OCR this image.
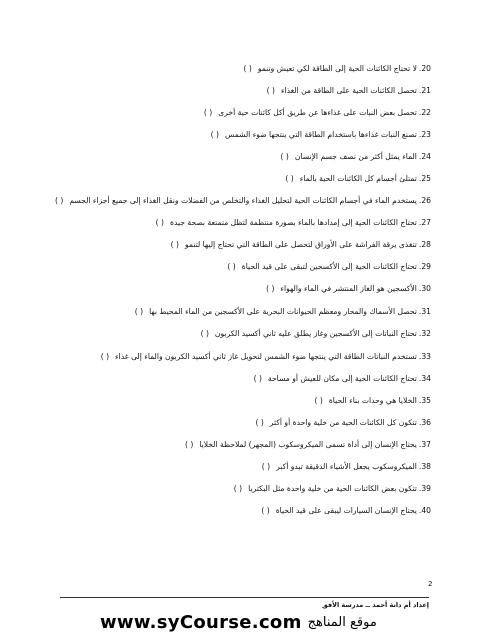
20.
لا تحتاج الكائنات الحية إلى الطاقة لكي تعيش وتنمو
( )
21.
تحصل الكائنات الحية على الطاقة من الغذاء
( )
22.
تحصل بعض النبات على غذاءها عن طريق أكل كائنات حية أخرى
( )
23.
تصنع النبات غذاءها باستخدام الطاقة التي ينتجها ضوء الشمس
( )
24.
الماء يمثل أكثر من نصف جسم الإنسان
( )
25.
تمتلئ أجسام كل الكائنات الحية بالماء
( )
26.
يستخدم الماء في أجسام الكائنات الحية لتحليل الغذاء والتخلص من الفضلات ونقل الغذاء إلى جميع أجزاء الجسم
( )
27.
تحتاج الكائنات الحية إلى إمدادها بالماء بصورة منتظمة لتظل متمتعة بصحة جيدة
( )
28.
تتغذى يرقة الفراشة على الأوراق لتحصل على الطاقة التي تحتاج إليها لتنمو
( )
29.
تحتاج الكائنات الحية إلى الأكسجين لتبقى على قيد الحياة
( )
30.
الأكسجين هو الغاز المنتشر في الماء والهواء
( )
31.
تحصل الأسماك والمحار ومعظم الحيوانات البحرية على الأكسجين من الماء المحيط بها
( )
32.
تحتاج النباتات إلى الأكسجين وغاز يطلق عليه ثاني أكسيد الكربون
( )
33.
تستخدم النباتات الطاقة التي ينتجها ضوء الشمس لتحويل غاز ثاني أكسيد الكربون والماء إلى غذاء
( )
34.
تحتاج الكائنات الحية إلى مكان للعيش أو مساحة
( )
35.
الخلايا هي وحدات بناء الحياة
( )
36.
تتكون كل الكائنات الحية من خلية واحدة أو أكثر
( )
37.
يحتاج الإنسان إلى أداة تسمى الميكروسكوب (المجهر) لملاحظة الخلايا
( )
38.
الميكروسكوب يجعل الأشياء الدقيقة تبدو أكبر
( )
39.
تتكون بعض الكائنات الحية من خلية واحدة مثل البكتريا
( )
40.
يحتاج الإنسان السيارات ليبقى على قيد الحياة
( )
2
إعداد أم دانة أحمد ــ مدرسة الأفق
www.syCourse.com موقع المناهج
